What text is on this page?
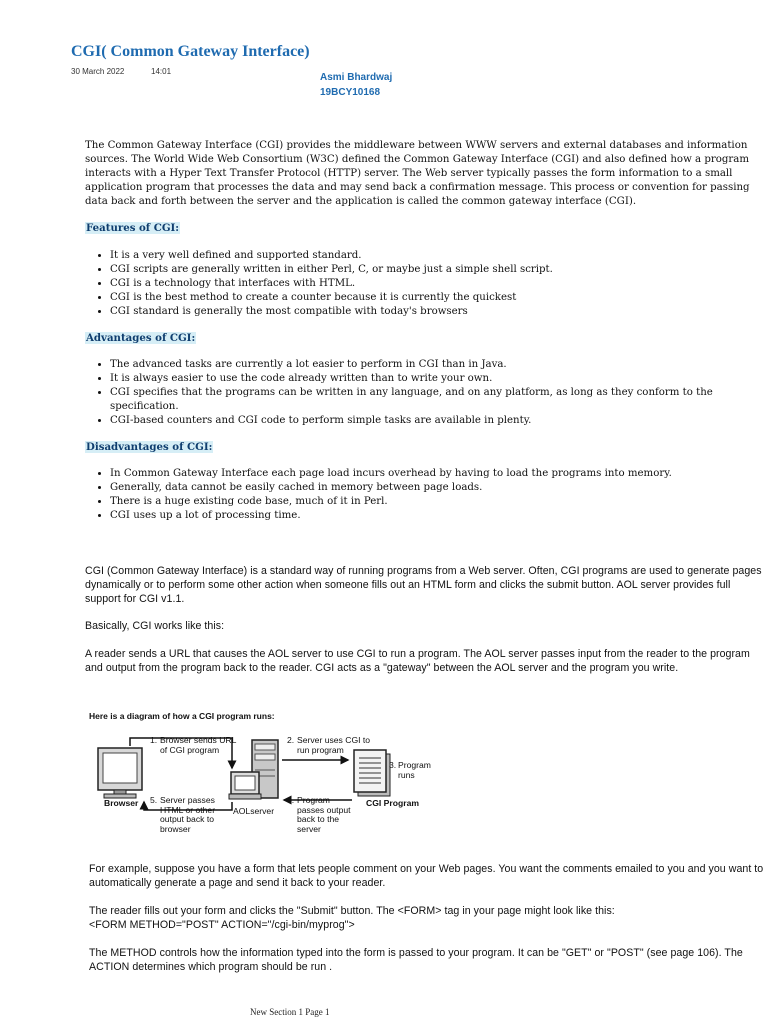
CGI( Common Gateway Interface)
30 March 2022	14:01
Asmi Bhardwaj
19BCY10168

The Common Gateway Interface (CGI) provides the middleware between WWW servers and external databases and information sources. The World Wide Web Consortium (W3C) defined the Common Gateway Interface (CGI) and also defined how a program interacts with a Hyper Text Transfer Protocol (HTTP) server. The Web server typically passes the form information to a small application program that processes the data and may send back a confirmation message. This process or convention for passing data back and forth between the server and the application is called the common gateway interface (CGI).

Features of CGI:
• It is a very well defined and supported standard.
• CGI scripts are generally written in either Perl, C, or maybe just a simple shell script.
• CGI is a technology that interfaces with HTML.
• CGI is the best method to create a counter because it is currently the quickest
• CGI standard is generally the most compatible with today's browsers
Advantages of CGI:
• The advanced tasks are currently a lot easier to perform in CGI than in Java.
• It is always easier to use the code already written than to write your own.
• CGI specifies that the programs can be written in any language, and on any platform, as long as they conform to the specification.
• CGI-based counters and CGI code to perform simple tasks are available in plenty.
Disadvantages of CGI:
• In Common Gateway Interface each page load incurs overhead by having to load the programs into memory.
• Generally, data cannot be easily cached in memory between page loads.
• There is a huge existing code base, much of it in Perl.
• CGI uses up a lot of processing time.

CGI (Common Gateway Interface) is a standard way of running programs from a Web server. Often, CGI programs are used to generate pages dynamically or to perform some other action when someone fills out an HTML form and clicks the submit button. AOL server provides full support for CGI v1.1.

Basically, CGI works like this:

A reader sends a URL that causes the AOL server to use CGI to run a program. The AOL server passes input from the reader to the program and output from the program back to the reader. CGI acts as a "gateway" between the AOL server and the program you write.

Here is a diagram of how a CGI program runs:
1. Browser sends URL of CGI program
2. Server uses CGI to run program
3. Program runs
4. Program passes output back to the server
5. Server passes HTML or other output back to browser
Browser
AOLserver
CGI Program

For example, suppose you have a form that lets people comment on your Web pages. You want the comments emailed to you and you want to automatically generate a page and send it back to your reader.

The reader fills out your form and clicks the "Submit" button. The <FORM> tag in your page might look like this:

<FORM METHOD="POST" ACTION="/cgi-bin/myprog">

The METHOD controls how the information typed into the form is passed to your program. It can be "GET" or "POST" (see page 106). The ACTION determines which program should be run .

New Section 1 Page 1
